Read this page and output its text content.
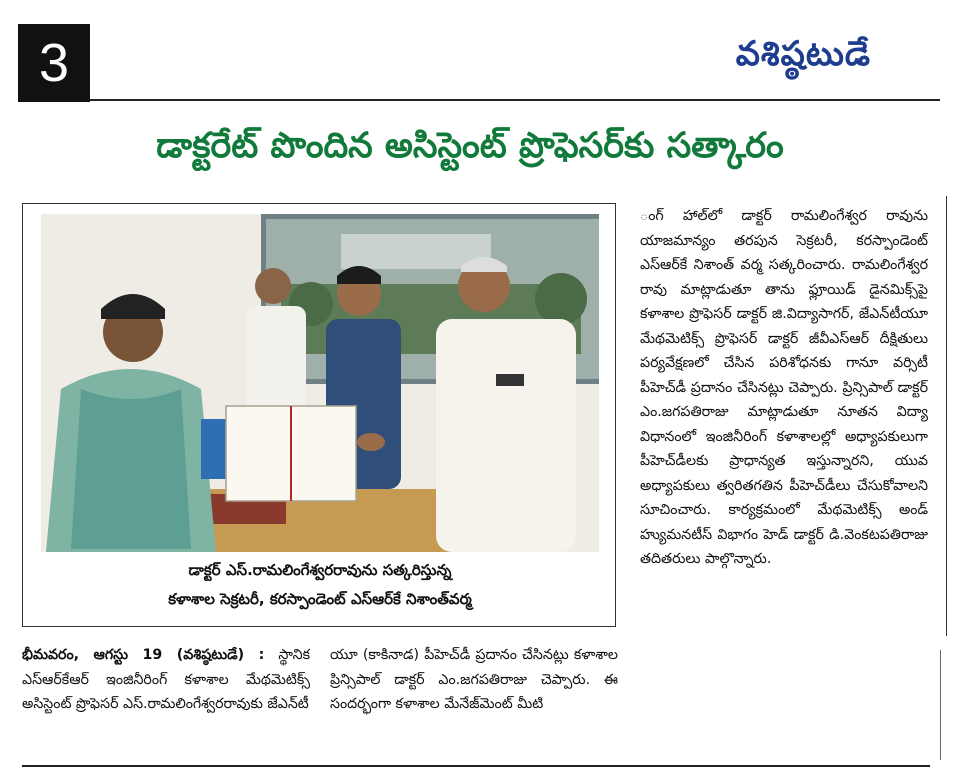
3	వశిష్ఠటుడే
డాక్టరేట్ పొందిన అసిస్టెంట్ ప్రొఫెసర్‌కు సత్కారం
డాక్టర్ ఎస్.రామలింగేశ్వరరావును సత్కరిస్తున్న
కళాశాల సెక్రటరీ, కరస్పాండెంట్ ఎస్ఆర్‌కే నిశాంత్‌వర్మ
ంగ్ హాల్‌లో డాక్టర్ రామలింగేశ్వర రావును యాజమాన్యం తరపున సెక్రటరీ, కరస్పాండెంట్ ఎస్ఆర్‌కే నిశాంత్ వర్మ సత్కరించారు. రామలింగేశ్వర రావు మాట్లాడుతూ తాను ఫ్లూయిడ్ డైనమిక్స్‌పై కళాశాల ప్రొఫెసర్ డాక్టర్ జి.విద్యాసాగర్, జేఎన్‌టీయూ మేథమెటిక్స్ ప్రొఫెసర్ డాక్టర్ జీవీఎస్ఆర్ దీక్షితులు పర్యవేక్షణలో చేసిన పరిశోధనకు గానూ వర్సిటీ పీహెచ్‌డీ ప్రదానం చేసినట్లు చెప్పారు. ప్రిన్సిపాల్ డాక్టర్ ఎం.జగపతిరాజు మాట్లాడుతూ నూతన విద్యా విధానంలో ఇంజినీరింగ్ కళాశాలల్లో అధ్యాపకులుగా పీహెచ్‌డీలకు ప్రాధాన్యత ఇస్తున్నారని, యువ అధ్యాపకులు త్వరితగతిన పీహెచ్‌డీలు చేసుకోవాలని సూచించారు. కార్యక్రమంలో మేథమెటిక్స్ అండ్ హ్యుమనటీస్ విభాగం హెడ్ డాక్టర్ డి.వెంకటపతిరాజు తదితరులు పాల్గొన్నారు.
భీమవరం, ఆగస్టు 19 (వశిష్ఠటుడే) : స్థానిక ఎస్ఆర్‌కేఆర్ ఇంజినీరింగ్ కళాశాల మేథమెటిక్స్ అసిస్టెంట్ ప్రొఫెసర్ ఎస్.రామలింగేశ్వరరావుకు జేఎన్‌టీ
యూ (కాకినాడ) పీహెచ్‌డీ ప్రదానం చేసినట్లు కళాశాల ప్రిన్సిపాల్ డాక్టర్ ఎం.జగపతిరాజు చెప్పారు. ఈ సందర్భంగా కళాశాల మేనేజ్‌మెంట్ మీటి
